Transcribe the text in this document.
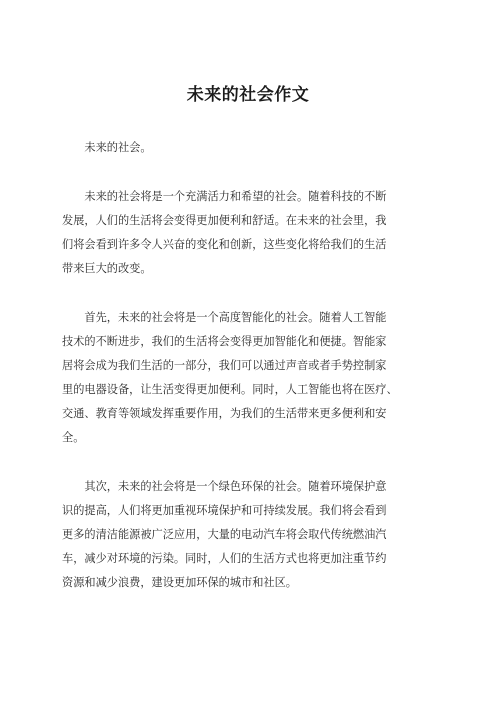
未来的社会作文
　　未来的社会。
　　未来的社会将是一个充满活力和希望的社会。随着科技的不断
发展，人们的生活将会变得更加便利和舒适。在未来的社会里，我
们将会看到许多令人兴奋的变化和创新，这些变化将给我们的生活
带来巨大的改变。
　　首先，未来的社会将是一个高度智能化的社会。随着人工智能
技术的不断进步，我们的生活将会变得更加智能化和便捷。智能家
居将会成为我们生活的一部分，我们可以通过声音或者手势控制家
里的电器设备，让生活变得更加便利。同时，人工智能也将在医疗、
交通、教育等领域发挥重要作用，为我们的生活带来更多便利和安
全。
　　其次，未来的社会将是一个绿色环保的社会。随着环境保护意
识的提高，人们将更加重视环境保护和可持续发展。我们将会看到
更多的清洁能源被广泛应用，大量的电动汽车将会取代传统燃油汽
车，减少对环境的污染。同时，人们的生活方式也将更加注重节约
资源和减少浪费，建设更加环保的城市和社区。
